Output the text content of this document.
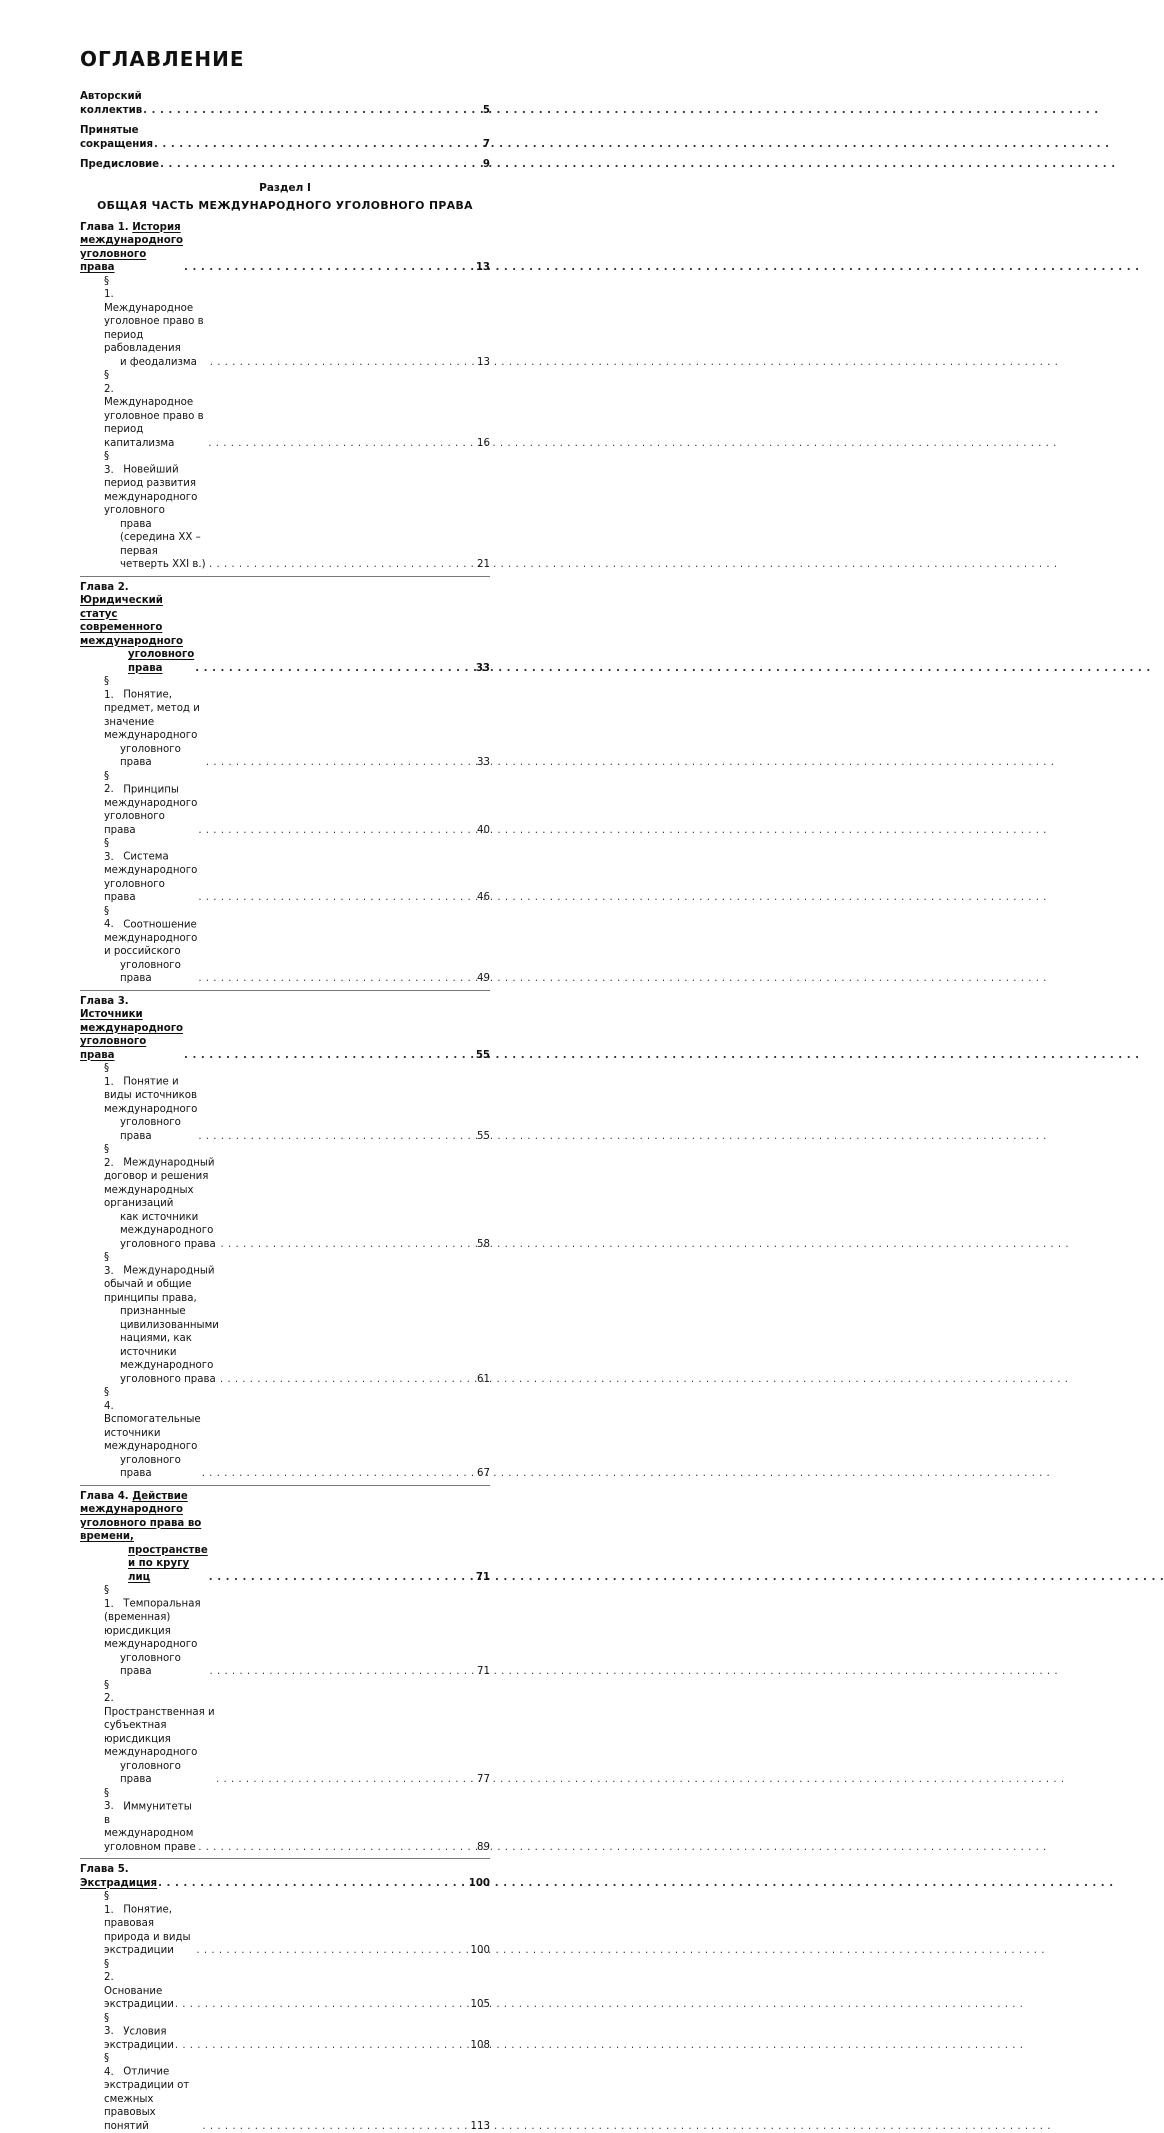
ОГЛАВЛЕНИЕ
Авторский коллектив . . .	5
Принятые сокращения . . .	7
Предисловие . . .	9
Раздел I
ОБЩАЯ ЧАСТЬ МЕЖДУНАРОДНОГО УГОЛОВНОГО ПРАВА
Глава 1. История международного уголовного права . . .	13
§ 1. Международное уголовное право в период рабовладения
и феодализма . . .	13
§ 2. Международное уголовное право в период капитализма . . .	16
§ 3. Новейший период развития международного уголовного
права (середина XX – первая четверть XXI в.) . . .	21
Глава 2. Юридический статус современного международного
уголовного права . . .	33
§ 1. Понятие, предмет, метод и значение международного
уголовного права . . .	33
§ 2. Принципы международного уголовного права . . .	40
§ 3. Система международного уголовного права . . .	46
§ 4. Соотношение международного и российского
уголовного права . . .	49
Глава 3. Источники международного уголовного права . . .	55
§ 1. Понятие и виды источников международного
уголовного права . . .	55
§ 2. Международный договор и решения международных организаций
как источники международного уголовного права . . .	58
§ 3. Международный обычай и общие принципы права,
признанные цивилизованными нациями, как источники
международного уголовного права . . .	61
§ 4. Вспомогательные источники международного
уголовного права . . .	67
Глава 4. Действие международного уголовного права во времени,
пространстве и по кругу лиц . . .	71
§ 1. Темпоральная (временная) юрисдикция международного
уголовного права . . .	71
§ 2. Пространственная и субъектная юрисдикция международного
уголовного права . . .	77
§ 3. Иммунитеты в международном уголовном праве . . .	89
Глава 5. Экстрадиция . . .	100
§ 1. Понятие, правовая природа и виды экстрадиции . . .	100
§ 2. Основание экстрадиции . . .	105
§ 3. Условия экстрадиции . . .	108
§ 4. Отличие экстрадиции от смежных правовых понятий . . .	113
